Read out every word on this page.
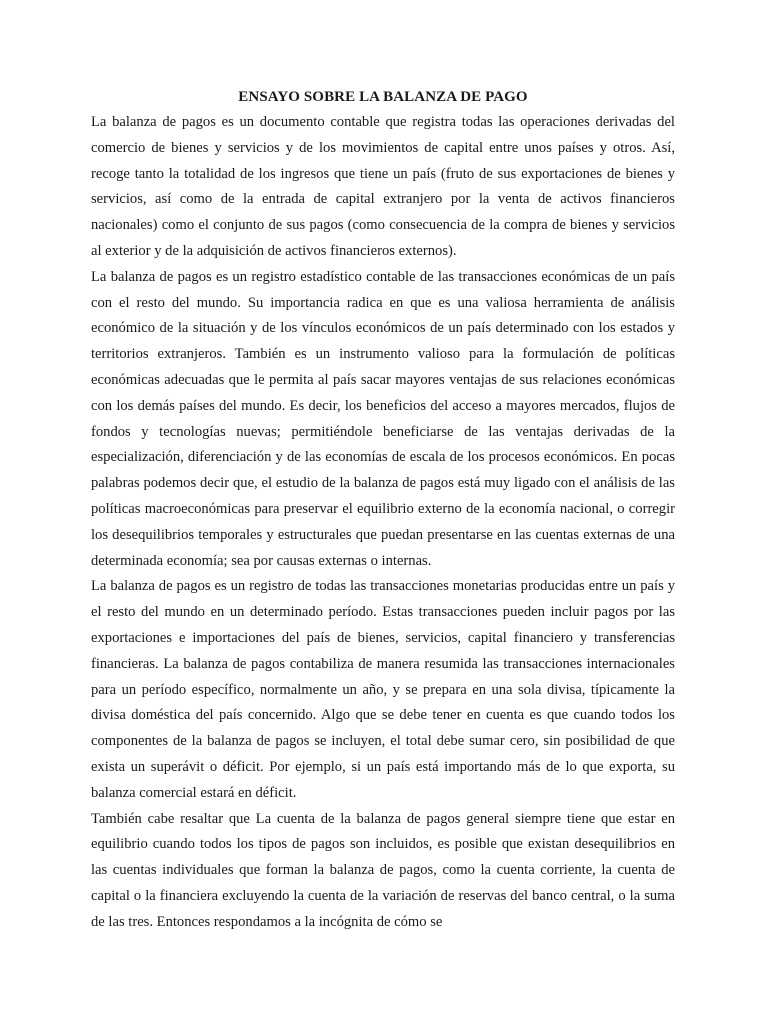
ENSAYO SOBRE LA BALANZA DE PAGO

La balanza de pagos es un documento contable que registra todas las operaciones derivadas del comercio de bienes y servicios y de los movimientos de capital entre unos países y otros. Así, recoge tanto la totalidad de los ingresos que tiene un país (fruto de sus exportaciones de bienes y servicios, así como de la entrada de capital extranjero por la venta de activos financieros nacionales) como el conjunto de sus pagos (como consecuencia de la compra de bienes y servicios al exterior y de la adquisición de activos financieros externos).

La balanza de pagos es un registro estadístico contable de las transacciones económicas de un país con el resto del mundo. Su importancia radica en que es una valiosa herramienta de análisis económico de la situación y de los vínculos económicos de un país determinado con los estados y territorios extranjeros. También es un instrumento valioso para la formulación de políticas económicas adecuadas que le permita al país sacar mayores ventajas de sus relaciones económicas con los demás países del mundo. Es decir, los beneficios del acceso a mayores mercados, flujos de fondos y tecnologías nuevas; permitiéndole beneficiarse de las ventajas derivadas de la especialización, diferenciación y de las economías de escala de los procesos económicos. En pocas palabras podemos decir que, el estudio de la balanza de pagos está muy ligado con el análisis de las políticas macroeconómicas para preservar el equilibrio externo de la economía nacional, o corregir los desequilibrios temporales y estructurales que puedan presentarse en las cuentas externas de una determinada economía; sea por causas externas o internas.

La balanza de pagos es un registro de todas las transacciones monetarias producidas entre un país y el resto del mundo en un determinado período. Estas transacciones pueden incluir pagos por las exportaciones e importaciones del país de bienes, servicios, capital financiero y transferencias financieras. La balanza de pagos contabiliza de manera resumida las transacciones internacionales para un período específico, normalmente un año, y se prepara en una sola divisa, típicamente la divisa doméstica del país concernido. Algo que se debe tener en cuenta es que cuando todos los componentes de la balanza de pagos se incluyen, el total debe sumar cero, sin posibilidad de que exista un superávit o déficit. Por ejemplo, si un país está importando más de lo que exporta, su balanza comercial estará en déficit.

También cabe resaltar que La cuenta de la balanza de pagos general siempre tiene que estar en equilibrio cuando todos los tipos de pagos son incluidos, es posible que existan desequilibrios en las cuentas individuales que forman la balanza de pagos, como la cuenta corriente, la cuenta de capital o la financiera excluyendo la cuenta de la variación de reservas del banco central, o la suma de las tres. Entonces respondamos a la incógnita de cómo se
